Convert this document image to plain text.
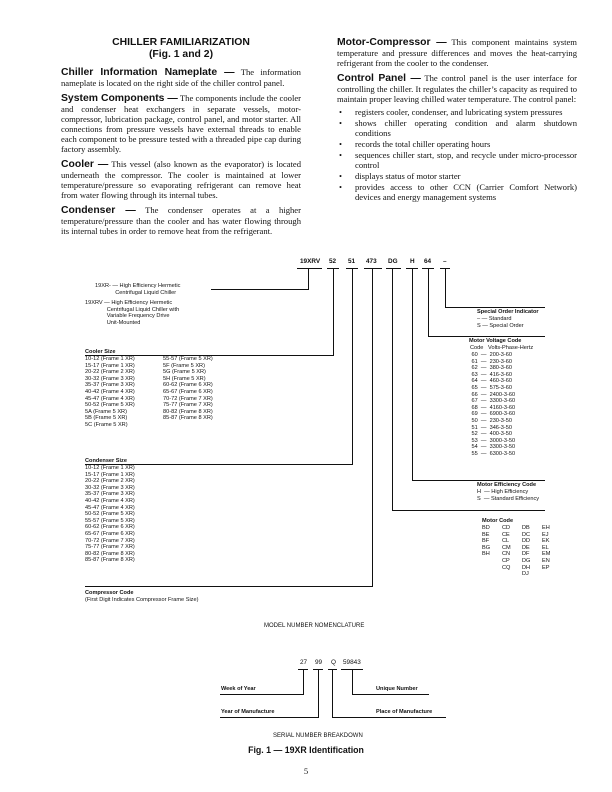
CHILLER FAMILIARIZATION
(Fig. 1 and 2)

Chiller Information Nameplate — The information nameplate is located on the right side of the chiller control panel.

System Components — The components include the cooler and condenser heat exchangers in separate vessels, motor-compressor, lubrication package, control panel, and motor starter. All connections from pressure vessels have external threads to enable each component to be pressure tested with a threaded pipe cap during factory assembly.

Cooler — This vessel (also known as the evaporator) is located underneath the compressor. The cooler is maintained at lower temperature/pressure so evaporating refrigerant can remove heat from water flowing through its internal tubes.

Condenser — The condenser operates at a higher temperature/pressure than the cooler and has water flowing through its internal tubes in order to remove heat from the refrigerant.

Motor-Compressor — This component maintains system temperature and pressure differences and moves the heat-carrying refrigerant from the cooler to the condenser.

Control Panel — The control panel is the user interface for controlling the chiller. It regulates the chiller’s capacity as required to maintain proper leaving chilled water temperature. The control panel:

• registers cooler, condenser, and lubricating system pressures
• shows chiller operating condition and alarm shutdown conditions
• records the total chiller operating hours
• sequences chiller start, stop, and recycle under micro-processor control
• displays status of motor starter
• provides access to other CCN (Carrier Comfort Network) devices and energy management systems
19XRV 52 51 473 DG H 64 –
19XR- — High Efficiency Hermetic
Centrifugal Liquid Chiller
19XRV — High Efficiency Hermetic
Centrifugal Liquid Chiller with
Variable Frequency Drive
Unit-Mounted
Cooler Size
10-12 (Frame 1 XR)
15-17 (Frame 1 XR)
20-22 (Frame 2 XR)
30-32 (Frame 3 XR)
35-37 (Frame 3 XR)
40-42 (Frame 4 XR)
45-47 (Frame 4 XR)
50-52 (Frame 5 XR)
5A (Frame 5 XR)
5B (Frame 5 XR)
5C (Frame 5 XR)
55-57 (Frame 5 XR)
5F (Frame 5 XR)
5G (Frame 5 XR)
5H (Frame 5 XR)
60-62 (Frame 6 XR)
65-67 (Frame 6 XR)
70-72 (Frame 7 XR)
75-77 (Frame 7 XR)
80-82 (Frame 8 XR)
85-87 (Frame 8 XR)
Condenser Size
10-12 (Frame 1 XR)
15-17 (Frame 1 XR)
20-22 (Frame 2 XR)
30-32 (Frame 3 XR)
35-37 (Frame 3 XR)
40-42 (Frame 4 XR)
45-47 (Frame 4 XR)
50-52 (Frame 5 XR)
55-57 (Frame 5 XR)
60-62 (Frame 6 XR)
65-67 (Frame 6 XR)
70-72 (Frame 7 XR)
75-77 (Frame 7 XR)
80-82 (Frame 8 XR)
85-87 (Frame 8 XR)
Compressor Code
(First Digit Indicates Compressor Frame Size)
Special Order Indicator
– — Standard
S — Special Order
Motor Voltage Code
Code   Volts-Phase-Hertz
60  —  200-3-60
61  —  230-3-60
62  —  380-3-60
63  —  416-3-60
64  —  460-3-60
65  —  575-3-60
66  —  2400-3-60
67  —  3300-3-60
68  —  4160-3-60
69  —  6900-3-60
50  —  230-3-50
51  —  346-3-50
52  —  400-3-50
53  —  3000-3-50
54  —  3300-3-50
55  —  6300-3-50
Motor Efficiency Code
H  — High Efficiency
S  — Standard Efficiency
Motor Code
BD
BE
BF
BG
BH
CD
CE
CL
CM
CN
CP
CQ
DB
DC
DD
DE
DF
DG
DH
DJ
EH
EJ
EK
EL
EM
EN
EP
MODEL NUMBER NOMENCLATURE
27 99 Q 59843
Week of Year
Year of Manufacture
Unique Number
Place of Manufacture
SERIAL NUMBER BREAKDOWN
Fig. 1 — 19XR Identification
5
